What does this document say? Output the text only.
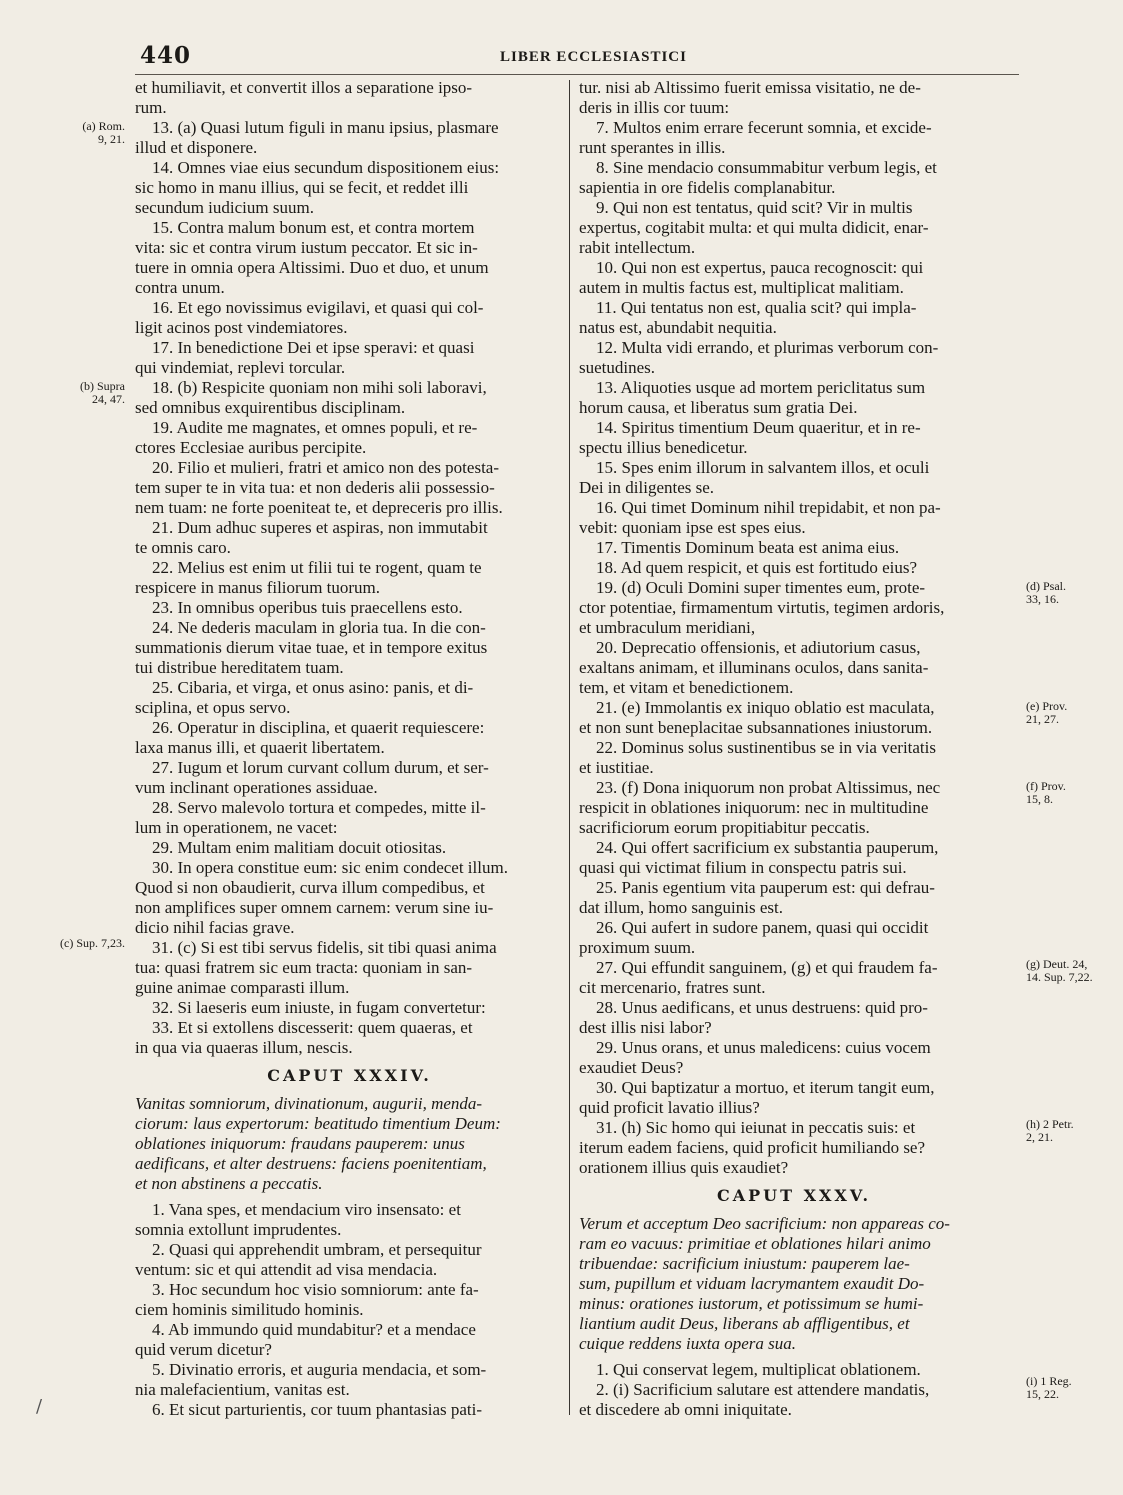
440	LIBER ECCLESIASTICI

et humiliavit, et convertit illos a separatione ipso-

rum.

13. (a) Quasi lutum figuli in manu ipsius, plasmare

illud et disponere.

14. Omnes viae eius secundum dispositionem eius:

sic homo in manu illius, qui se fecit, et reddet illi

secundum iudicium suum.

15. Contra malum bonum est, et contra mortem

vita: sic et contra virum iustum peccator. Et sic in-

tuere in omnia opera Altissimi. Duo et duo, et unum

contra unum.

16. Et ego novissimus evigilavi, et quasi qui col-

ligit acinos post vindemiatores.

17. In benedictione Dei et ipse speravi: et quasi

qui vindemiat, replevi torcular.

18. (b) Respicite quoniam non mihi soli laboravi,

sed omnibus exquirentibus disciplinam.

19. Audite me magnates, et omnes populi, et re-

ctores Ecclesiae auribus percipite.

20. Filio et mulieri, fratri et amico non des potesta-

tem super te in vita tua: et non dederis alii possessio-

nem tuam: ne forte poeniteat te, et depreceris pro illis.

21. Dum adhuc superes et aspiras, non immutabit

te omnis caro.

22. Melius est enim ut filii tui te rogent, quam te

respicere in manus filiorum tuorum.

23. In omnibus operibus tuis praecellens esto.

24. Ne dederis maculam in gloria tua. In die con-

summationis dierum vitae tuae, et in tempore exitus

tui distribue hereditatem tuam.

25. Cibaria, et virga, et onus asino: panis, et di-

sciplina, et opus servo.

26. Operatur in disciplina, et quaerit requiescere:

laxa manus illi, et quaerit libertatem.

27. Iugum et lorum curvant collum durum, et ser-

vum inclinant operationes assiduae.

28. Servo malevolo tortura et compedes, mitte il-

lum in operationem, ne vacet:

29. Multam enim malitiam docuit otiositas.

30. In opera constitue eum: sic enim condecet illum.

Quod si non obaudierit, curva illum compedibus, et

non amplifices super omnem carnem: verum sine iu-

dicio nihil facias grave.

31. (c) Si est tibi servus fidelis, sit tibi quasi anima

tua: quasi fratrem sic eum tracta: quoniam in san-

guine animae comparasti illum.

32. Si laeseris eum iniuste, in fugam convertetur:

33. Et si extollens discesserit: quem quaeras, et

in qua via quaeras illum, nescis.

CAPUT XXXIV.
Vanitas somniorum, divinationum, augurii, menda-
ciorum: laus expertorum: beatitudo timentium Deum:
oblationes iniquorum: fraudans pauperem: unus
aedificans, et alter destruens: faciens poenitentiam,
et non abstinens a peccatis.

1. Vana spes, et mendacium viro insensato: et

somnia extollunt imprudentes.

2. Quasi qui apprehendit umbram, et persequitur

ventum: sic et qui attendit ad visa mendacia.

3. Hoc secundum hoc visio somniorum: ante fa-

ciem hominis similitudo hominis.

4. Ab immundo quid mundabitur? et a mendace

quid verum dicetur?

5. Divinatio erroris, et auguria mendacia, et som-

nia malefacientium, vanitas est.

6. Et sicut parturientis, cor tuum phantasias pati-

tur. nisi ab Altissimo fuerit emissa visitatio, ne de-

deris in illis cor tuum:

7. Multos enim errare fecerunt somnia, et excide-

runt sperantes in illis.

8. Sine mendacio consummabitur verbum legis, et

sapientia in ore fidelis complanabitur.

9. Qui non est tentatus, quid scit? Vir in multis

expertus, cogitabit multa: et qui multa didicit, enar-

rabit intellectum.

10. Qui non est expertus, pauca recognoscit: qui

autem in multis factus est, multiplicat malitiam.

11. Qui tentatus non est, qualia scit? qui impla-

natus est, abundabit nequitia.

12. Multa vidi errando, et plurimas verborum con-

suetudines.

13. Aliquoties usque ad mortem periclitatus sum

horum causa, et liberatus sum gratia Dei.

14. Spiritus timentium Deum quaeritur, et in re-

spectu illius benedicetur.

15. Spes enim illorum in salvantem illos, et oculi

Dei in diligentes se.

16. Qui timet Dominum nihil trepidabit, et non pa-

vebit: quoniam ipse est spes eius.

17. Timentis Dominum beata est anima eius.

18. Ad quem respicit, et quis est fortitudo eius?

19. (d) Oculi Domini super timentes eum, prote-

ctor potentiae, firmamentum virtutis, tegimen ardoris,

et umbraculum meridiani,

20. Deprecatio offensionis, et adiutorium casus,

exaltans animam, et illuminans oculos, dans sanita-

tem, et vitam et benedictionem.

21. (e) Immolantis ex iniquo oblatio est maculata,

et non sunt beneplacitae subsannationes iniustorum.

22. Dominus solus sustinentibus se in via veritatis

et iustitiae.

23. (f) Dona iniquorum non probat Altissimus, nec

respicit in oblationes iniquorum: nec in multitudine

sacrificiorum eorum propitiabitur peccatis.

24. Qui offert sacrificium ex substantia pauperum,

quasi qui victimat filium in conspectu patris sui.

25. Panis egentium vita pauperum est: qui defrau-

dat illum, homo sanguinis est.

26. Qui aufert in sudore panem, quasi qui occidit

proximum suum.

27. Qui effundit sanguinem, (g) et qui fraudem fa-

cit mercenario, fratres sunt.

28. Unus aedificans, et unus destruens: quid pro-

dest illis nisi labor?

29. Unus orans, et unus maledicens: cuius vocem

exaudiet Deus?

30. Qui baptizatur a mortuo, et iterum tangit eum,

quid proficit lavatio illius?

31. (h) Sic homo qui ieiunat in peccatis suis: et

iterum eadem faciens, quid proficit humiliando se?

orationem illius quis exaudiet?

CAPUT XXXV.
Verum et acceptum Deo sacrificium: non appareas co-
ram eo vacuus: primitiae et oblationes hilari animo
tribuendae: sacrificium iniustum: pauperem lae-
sum, pupillum et viduam lacrymantem exaudit Do-
minus: orationes iustorum, et potissimum se humi-
liantium audit Deus, liberans ab affligentibus, et
cuique reddens iuxta opera sua.

1. Qui conservat legem, multiplicat oblationem.

2. (i) Sacrificium salutare est attendere mandatis,

et discedere ab omni iniquitate.

(a) Rom.
9, 21.
(b) Supra
24, 47.
(c) Sup. 7,23.
(d) Psal.
33, 16.
(e) Prov.
21, 27.
(f) Prov.
15, 8.
(g) Deut. 24,
14. Sup. 7,22.
(h) 2 Petr.
2, 21.
(i) 1 Reg.
15, 22.
/
